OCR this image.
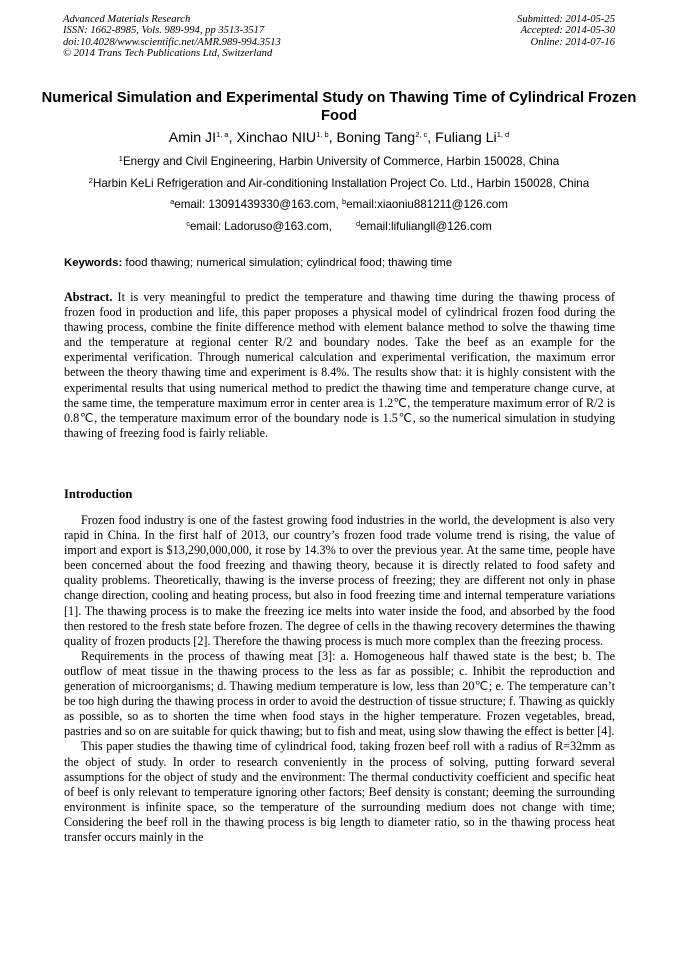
Advanced Materials Research
ISSN: 1662-8985, Vols. 989-994, pp 3513-3517
doi:10.4028/www.scientific.net/AMR.989-994.3513
© 2014 Trans Tech Publications Ltd, Switzerland
Submitted: 2014-05-25
Accepted: 2014-05-30
Online: 2014-07-16
Numerical Simulation and Experimental Study on Thawing Time of Cylindrical Frozen Food
Amin JI$^{1, a}$, Xinchao NIU$^{1, b}$, Boning Tang$^{2, c}$, Fuliang Li$^{1, d}$
$^1$Energy and Civil Engineering, Harbin University of Commerce, Harbin 150028, China
$^2$Harbin KeLi Refrigeration and Air-conditioning Installation Project Co. Ltd., Harbin 150028, China
$^a$email: 13091439330@163.com, $^b$email:xiaoniu881211@126.com
$^c$email: Ladoruso@163.com,	$^d$email:lifuliangll@126.com
Keywords: food thawing; numerical simulation; cylindrical food; thawing time
Abstract. It is very meaningful to predict the temperature and thawing time during the thawing process of frozen food in production and life, this paper proposes a physical model of cylindrical frozen food during the thawing process, combine the finite difference method with element balance method to solve the thawing time and the temperature at regional center R/2 and boundary nodes. Take the beef as an example for the experimental verification. Through numerical calculation and experimental verification, the maximum error between the theory thawing time and experiment is 8.4%. The results show that: it is highly consistent with the experimental results that using numerical method to predict the thawing time and temperature change curve, at the same time, the temperature maximum error in center area is 1.2℃, the temperature maximum error of R/2 is 0.8℃, the temperature maximum error of the boundary node is 1.5℃, so the numerical simulation in studying thawing of freezing food is fairly reliable.
Introduction

Frozen food industry is one of the fastest growing food industries in the world, the development is also very rapid in China. In the first half of 2013, our country’s frozen food trade volume trend is rising, the value of import and export is $13,290,000,000, it rose by 14.3% to over the previous year. At the same time, people have been concerned about the food freezing and thawing theory, because it is directly related to food safety and quality problems. Theoretically, thawing is the inverse process of freezing; they are different not only in phase change direction, cooling and heating process, but also in food freezing time and internal temperature variations [1]. The thawing process is to make the freezing ice melts into water inside the food, and absorbed by the food then restored to the fresh state before frozen. The degree of cells in the thawing recovery determines the thawing quality of frozen products [2]. Therefore the thawing process is much more complex than the freezing process.

Requirements in the process of thawing meat [3]: a. Homogeneous half thawed state is the best; b. The outflow of meat tissue in the thawing process to the less as far as possible; c. Inhibit the reproduction and generation of microorganisms; d. Thawing medium temperature is low, less than 20℃; e. The temperature can’t be too high during the thawing process in order to avoid the destruction of tissue structure; f. Thawing as quickly as possible, so as to shorten the time when food stays in the higher temperature. Frozen vegetables, bread, pastries and so on are suitable for quick thawing; but to fish and meat, using slow thawing the effect is better [4].

This paper studies the thawing time of cylindrical food, taking frozen beef roll with a radius of R=32mm as the object of study. In order to research conveniently in the process of solving, putting forward several assumptions for the object of study and the environment: The thermal conductivity coefficient and specific heat of beef is only relevant to temperature ignoring other factors; Beef density is constant; deeming the surrounding environment is infinite space, so the temperature of the surrounding medium does not change with time; Considering the beef roll in the thawing process is big length to diameter ratio, so in the thawing process heat transfer occurs mainly in the
